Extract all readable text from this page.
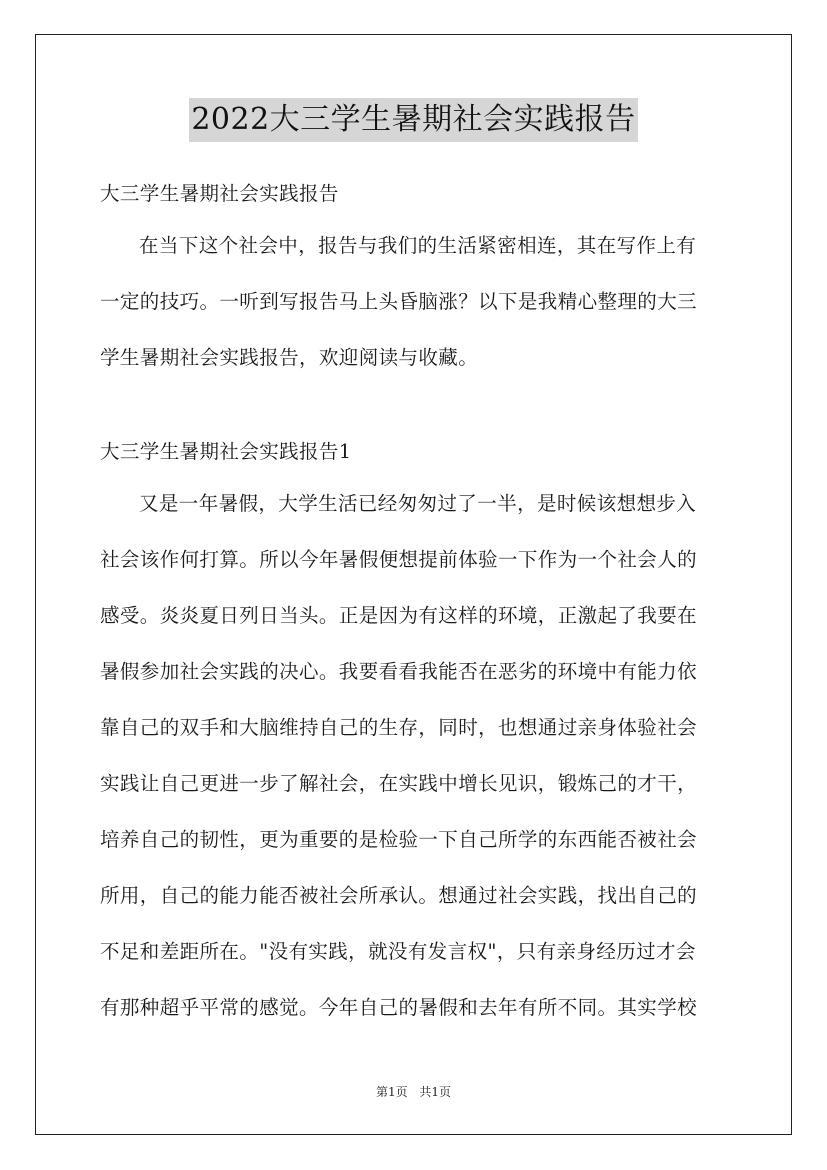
2022大三学生暑期社会实践报告

大三学生暑期社会实践报告

在当下这个社会中，报告与我们的生活紧密相连，其在写作上有

一定的技巧。一听到写报告马上头昏脑涨？以下是我精心整理的大三

学生暑期社会实践报告，欢迎阅读与收藏。

大三学生暑期社会实践报告1

又是一年暑假，大学生活已经匆匆过了一半，是时候该想想步入

社会该作何打算。所以今年暑假便想提前体验一下作为一个社会人的

感受。炎炎夏日列日当头。正是因为有这样的环境，正激起了我要在

暑假参加社会实践的决心。我要看看我能否在恶劣的环境中有能力依

靠自己的双手和大脑维持自己的生存，同时，也想通过亲身体验社会

实践让自己更进一步了解社会，在实践中增长见识，锻炼己的才干，

培养自己的韧性，更为重要的是检验一下自己所学的东西能否被社会

所用，自己的能力能否被社会所承认。想通过社会实践，找出自己的

不足和差距所在。"没有实践，就没有发言权"，只有亲身经历过才会

有那种超乎平常的感觉。今年自己的暑假和去年有所不同。其实学校

第1页 共1页
